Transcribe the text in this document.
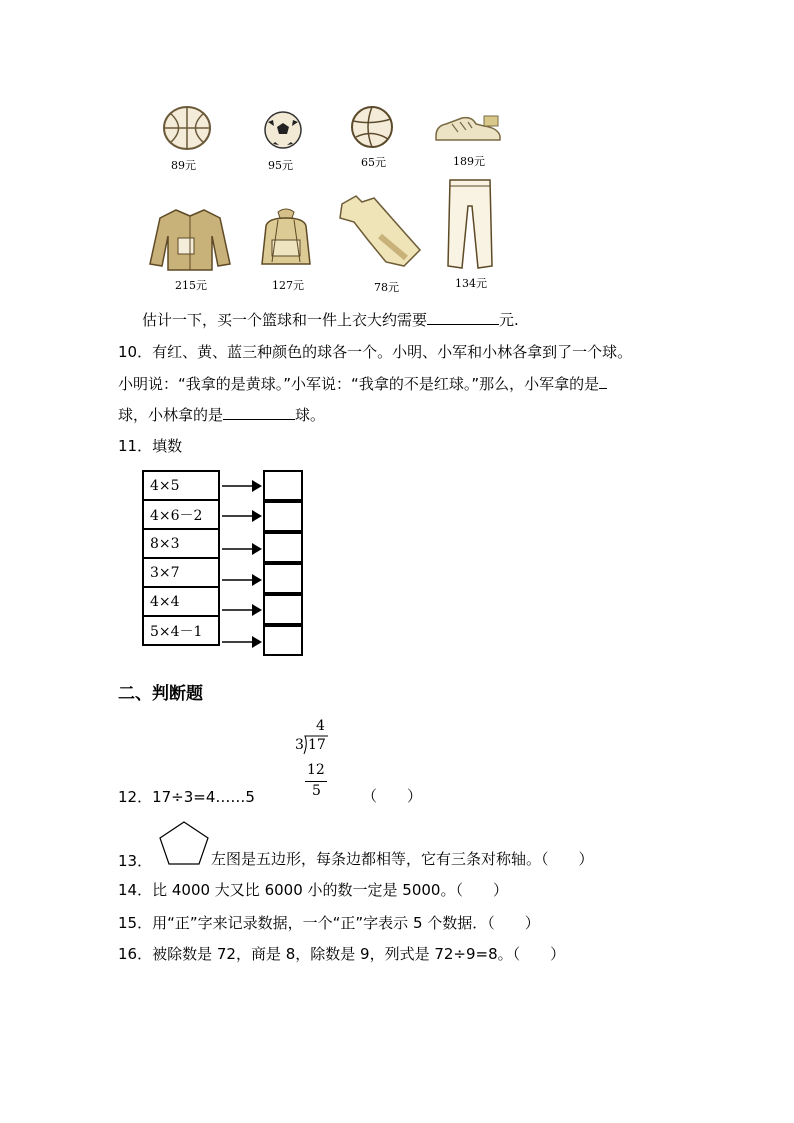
89元	95元	65元	189元
215元	127元	78元	134元
估计一下，买一个篮球和一件上衣大约需要	元.
10．有红、黄、蓝三种颜色的球各一个。小明、小军和小林各拿到了一个球。
小明说：“我拿的是黄球。”小军说：“我拿的不是红球。”那么，小军拿的是
球，小林拿的是	球。
11．填数
4×5
4×6－2
8×3
3×7
4×4
5×4－1
二、判断题
4
3 17
12
5
12．17÷3=4……5	（　　）
13．	左图是五边形，每条边都相等，它有三条对称轴。（　　）
14．比 4000 大又比 6000 小的数一定是 5000。（　　）
15．用“正”字来记录数据，一个“正”字表示 5 个数据．（　　）
16．被除数是 72，商是 8，除数是 9，列式是 72÷9=8。（　　）
